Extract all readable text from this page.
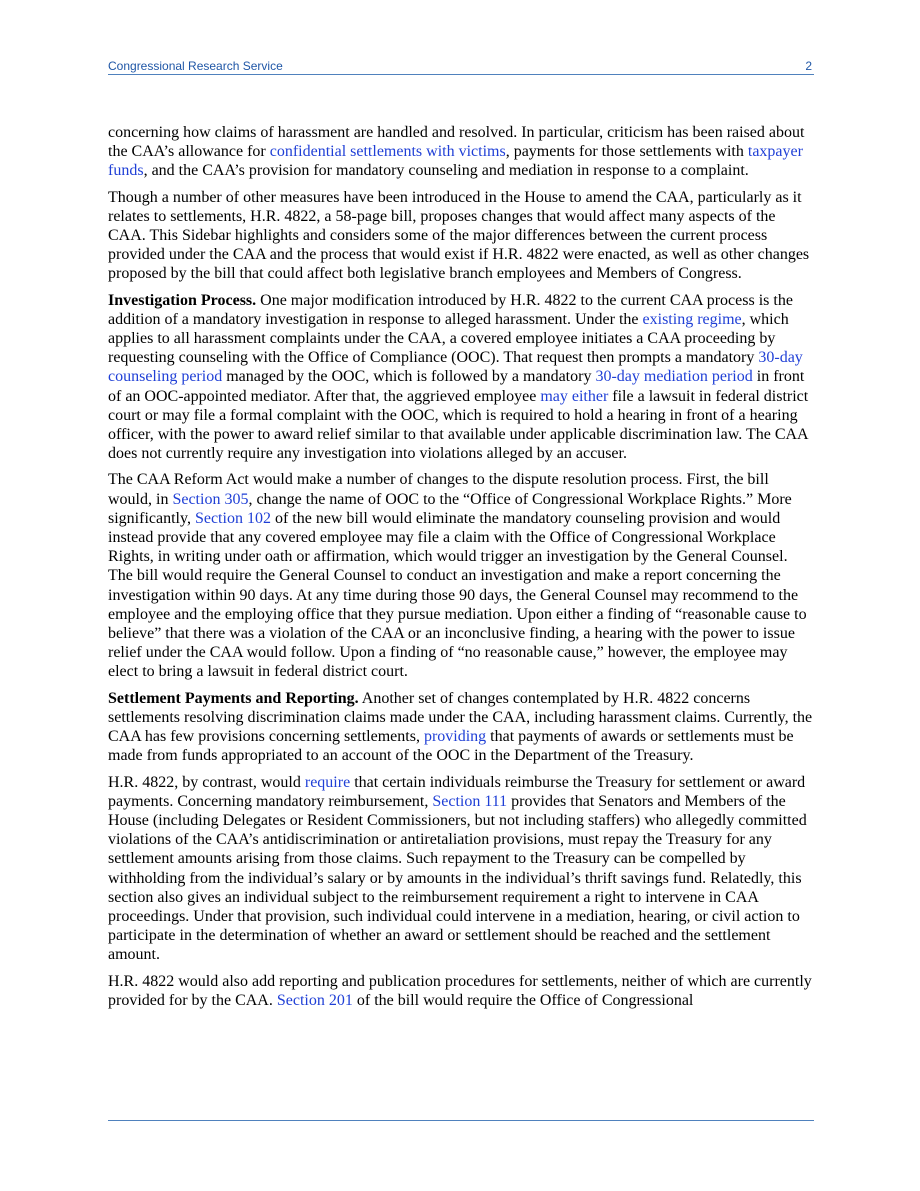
Congressional Research Service	2

concerning how claims of harassment are handled and resolved. In particular, criticism has been raised about the CAA’s allowance for confidential settlements with victims, payments for those settlements with taxpayer funds, and the CAA’s provision for mandatory counseling and mediation in response to a complaint.

Though a number of other measures have been introduced in the House to amend the CAA, particularly as it relates to settlements, H.R. 4822, a 58-page bill, proposes changes that would affect many aspects of the CAA. This Sidebar highlights and considers some of the major differences between the current process provided under the CAA and the process that would exist if H.R. 4822 were enacted, as well as other changes proposed by the bill that could affect both legislative branch employees and Members of Congress.

Investigation Process. One major modification introduced by H.R. 4822 to the current CAA process is the addition of a mandatory investigation in response to alleged harassment. Under the existing regime, which applies to all harassment complaints under the CAA, a covered employee initiates a CAA proceeding by requesting counseling with the Office of Compliance (OOC). That request then prompts a mandatory 30-day counseling period managed by the OOC, which is followed by a mandatory 30-day mediation period in front of an OOC-appointed mediator. After that, the aggrieved employee may either file a lawsuit in federal district court or may file a formal complaint with the OOC, which is required to hold a hearing in front of a hearing officer, with the power to award relief similar to that available under applicable discrimination law. The CAA does not currently require any investigation into violations alleged by an accuser.

The CAA Reform Act would make a number of changes to the dispute resolution process. First, the bill would, in Section 305, change the name of OOC to the “Office of Congressional Workplace Rights.” More significantly, Section 102 of the new bill would eliminate the mandatory counseling provision and would instead provide that any covered employee may file a claim with the Office of Congressional Workplace Rights, in writing under oath or affirmation, which would trigger an investigation by the General Counsel. The bill would require the General Counsel to conduct an investigation and make a report concerning the investigation within 90 days. At any time during those 90 days, the General Counsel may recommend to the employee and the employing office that they pursue mediation. Upon either a finding of “reasonable cause to believe” that there was a violation of the CAA or an inconclusive finding, a hearing with the power to issue relief under the CAA would follow. Upon a finding of “no reasonable cause,” however, the employee may elect to bring a lawsuit in federal district court.

Settlement Payments and Reporting. Another set of changes contemplated by H.R. 4822 concerns settlements resolving discrimination claims made under the CAA, including harassment claims. Currently, the CAA has few provisions concerning settlements, providing that payments of awards or settlements must be made from funds appropriated to an account of the OOC in the Department of the Treasury.

H.R. 4822, by contrast, would require that certain individuals reimburse the Treasury for settlement or award payments. Concerning mandatory reimbursement, Section 111 provides that Senators and Members of the House (including Delegates or Resident Commissioners, but not including staffers) who allegedly committed violations of the CAA’s antidiscrimination or antiretaliation provisions, must repay the Treasury for any settlement amounts arising from those claims. Such repayment to the Treasury can be compelled by withholding from the individual’s salary or by amounts in the individual’s thrift savings fund. Relatedly, this section also gives an individual subject to the reimbursement requirement a right to intervene in CAA proceedings. Under that provision, such individual could intervene in a mediation, hearing, or civil action to participate in the determination of whether an award or settlement should be reached and the settlement amount.

H.R. 4822 would also add reporting and publication procedures for settlements, neither of which are currently provided for by the CAA. Section 201 of the bill would require the Office of Congressional
